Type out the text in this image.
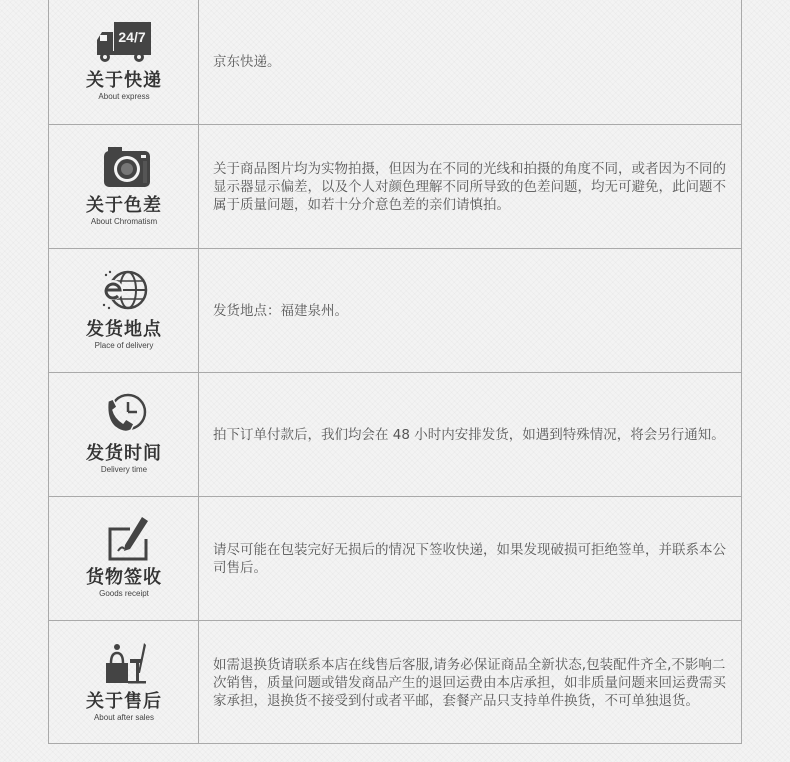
24/7
关于快递
About express
京东快递。
关于色差
About Chromatism
关于商品图片均为实物拍摄，但因为在不同的光线和拍摄的角度不同，或者因为不同的显示器显示偏差，以及个人对颜色理解不同所导致的色差问题，均无可避免，此问题不属于质量问题，如若十分介意色差的亲们请慎拍。
发货地点
Place of delivery
发货地点：福建泉州。
发货时间
Delivery time
拍下订单付款后，我们均会在 48 小时内安排发货，如遇到特殊情况，将会另行通知。
货物签收
Goods receipt
请尽可能在包装完好无损后的情况下签收快递，如果发现破损可拒绝签单，并联系本公司售后。
关于售后
About after sales
如需退换货请联系本店在线售后客服,请务必保证商品全新状态,包装配件齐全,不影响二次销售，质量问题或错发商品产生的退回运费由本店承担，如非质量问题来回运费需买家承担，退换货不接受到付或者平邮，套餐产品只支持单件换货，不可单独退货。
